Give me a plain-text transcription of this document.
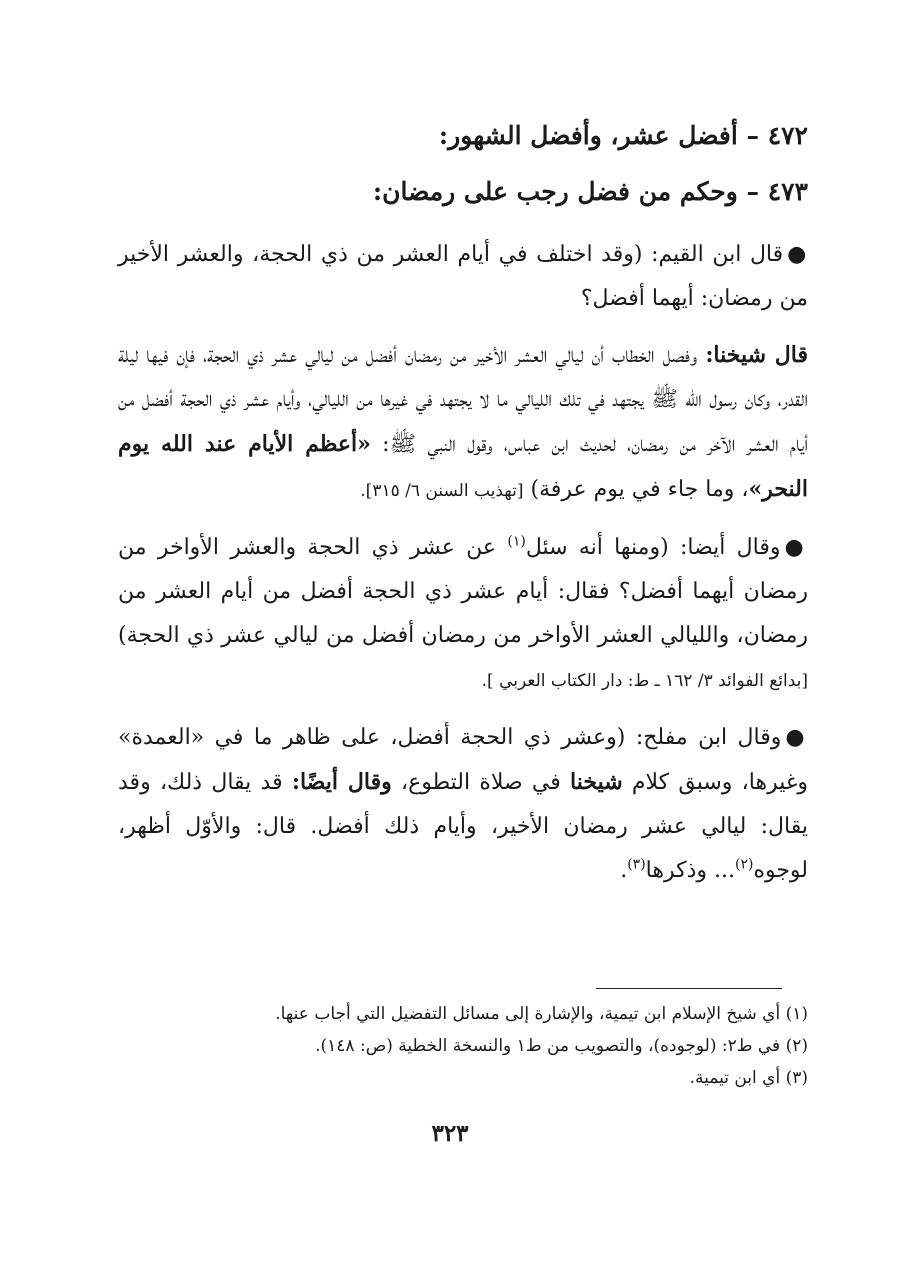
٤٧٢ – أفضل عشر، وأفضل الشهور:

٤٧٣ – وحكم من فضل رجب على رمضان:

●قال ابن القيم: (وقد اختلف في أيام العشر من ذي الحجة، والعشر الأخير من رمضان: أيهما أفضل؟

قال شيخنا: وفصل الخطاب أن ليالي العشر الأخير من رمضان أفضل من ليالي عشر ذي الحجة، فإن فيها ليلة القدر، وكان رسول الله ﷺ يجتهد في تلك الليالي ما لا يجتهد في غيرها من الليالي، وأيام عشر ذي الحجة أفضل من أيام العشر الآخر من رمضان، لحديث ابن عباس، وقول النبي ﷺ: «أعظم الأيام عند الله يوم النحر»، وما جاء في يوم عرفة) [تهذيب السنن ٦/ ٣١٥].

●وقال أيضا: (ومنها أنه سئل$^{(١)}$ عن عشر ذي الحجة والعشر الأواخر من رمضان أيهما أفضل؟ فقال: أيام عشر ذي الحجة أفضل من أيام العشر من رمضان، والليالي العشر الأواخر من رمضان أفضل من ليالي عشر ذي الحجة) [بدائع الفوائد ٣/ ١٦٢ ـ ط: دار الكتاب العربي ].

●وقال ابن مفلح: (وعشر ذي الحجة أفضل، على ظاهر ما في «العمدة» وغيرها، وسبق كلام شيخنا في صلاة التطوع، وقال أيضًا: قد يقال ذلك، وقد يقال: ليالي عشر رمضان الأخير، وأيام ذلك أفضل. قال: والأوّل أظهر، لوجوه$^{(٢)}$... وذكرها$^{(٣)}$.

(١) أي شيخ الإسلام ابن تيمية، والإشارة إلى مسائل التفضيل التي أجاب عنها.

(٢) في ط٢: (لوجوده)، والتصويب من ط١ والنسخة الخطية (ص: ١٤٨).

(٣) أي ابن تيمية.

٣٢٣
